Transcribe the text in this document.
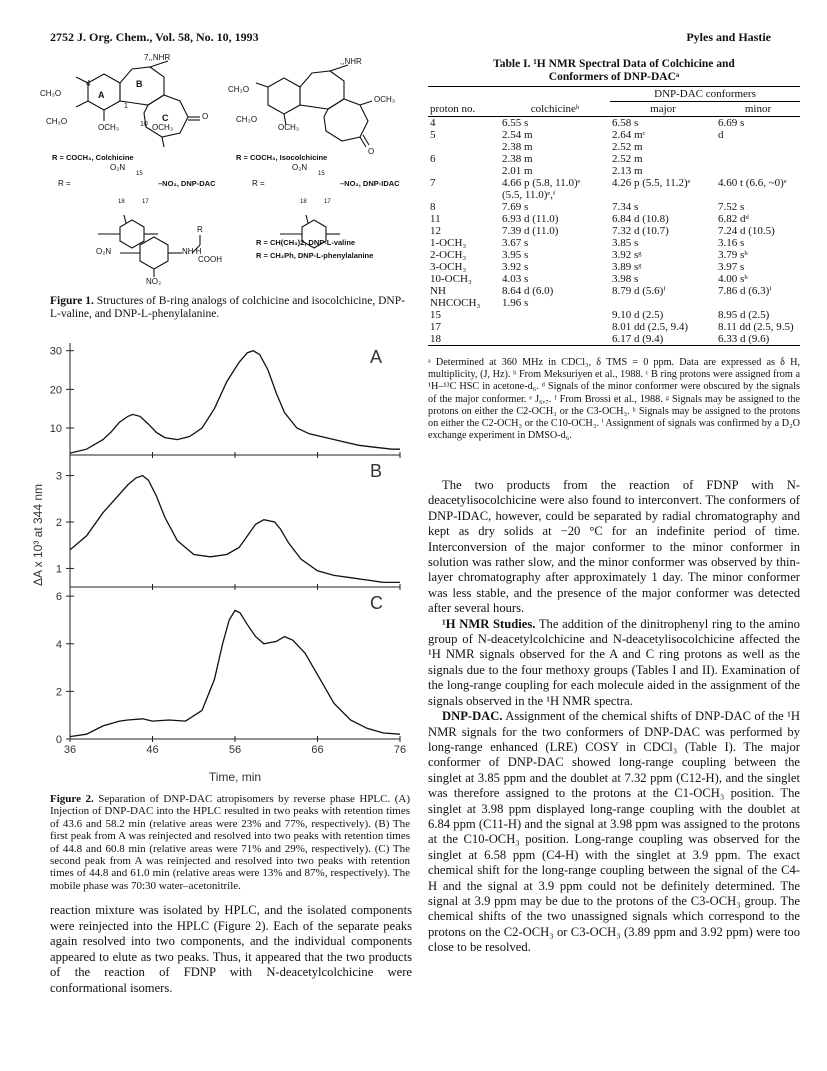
2752 J. Org. Chem., Vol. 58, No. 10, 1993	Pyles and Hastie
7,,NHR
4
CH₃O	A
B
C
1
O
CH₃O
OCH₃	10 OCH₃
,,NHR
CH₃O
OCH₃
CH₃O
OCH₃
O
R = COCH₃, Colchicine	R = COCH₃, Isocolchicine
O₂N
15
R =	–NO₂, DNP-DAC
18	17
O₂N
15
R =	–NO₂, DNP-IDAC
18	17
R
O₂N	NH H
COOH
R = CH(CH₃)2, DNP-L-valine
R = CH₂Ph, DNP-L-phenylalanine
NO₂
Figure 1. Structures of B-ring analogs of colchicine and isocolchicine, DNP-L-valine, and DNP-L-phenylalanine.
10
20
30	A
1
2
3	B
0
2
4
6	C
36	46	56	66	76
Time, min
ΔA x 10³ at 344 nm
Figure 2. Separation of DNP-DAC atropisomers by reverse phase HPLC. (A) Injection of DNP-DAC into the HPLC resulted in two peaks with retention times of 43.6 and 58.2 min (relative areas were 23% and 77%, respectively). (B) The first peak from A was reinjected and resolved into two peaks with retention times of 44.8 and 60.8 min (relative areas were 71% and 29%, respectively). (C) The second peak from A was reinjected and resolved into two peaks with retention times of 44.8 and 61.0 min (relative areas were 13% and 87%, respectively). The mobile phase was 70:30 water–acetonitrile.
reaction mixture was isolated by HPLC, and the isolated components were reinjected into the HPLC (Figure 2). Each of the separate peaks again resolved into two components, and the individual components appeared to elute as two peaks. Thus, it appeared that the two products of the reaction of FDNP with N-deacetylcolchicine were conformational isomers.
Table I. ¹H NMR Spectral Data of Colchicine and
Conformers of DNP-DACᵃ
		DNP-DAC conformers	
proton no.	colchicineᵇ	major	minor
4	6.55 s	6.58 s	6.69 s
5	2.54 m	2.64 mᶜ	d
	2.38 m	2.52 m	
6	2.38 m	2.52 m	
	2.01 m	2.13 m	
7	4.66 p (5.8, 11.0)ᵉ	4.26 p (5.5, 11.2)ᵉ	4.60 t (6.6, ~0)ᵉ
	(5.5, 11.0)ᵉ,ᶠ		
8	7.69 s	7.34 s	7.52 s
11	6.93 d (11.0)	6.84 d (10.8)	6.82 dᵈ
12	7.39 d (11.0)	7.32 d (10.7)	7.24 d (10.5)
1-OCH₃	3.67 s	3.85 s	3.16 s
2-OCH₃	3.95 s	3.92 sᵍ	3.79 sʰ
3-OCH₃	3.92 s	3.89 sᵍ	3.97 s
10-OCH₃	4.03 s	3.98 s	4.00 sʰ
NH	8.64 d (6.0)	8.79 d (5.6)ⁱ	7.86 d (6.3)ⁱ
NHCOCH₃	1.96 s		
15		9.10 d (2.5)	8.95 d (2.5)
17		8.01 dd (2.5, 9.4)	8.11 dd (2.5, 9.5)
18		6.17 d (9.4)	6.33 d (9.6)
ᵃ Determined at 360 MHz in CDCl₃, δ TMS = 0 ppm. Data are expressed as δ H, multiplicity, (J, Hz). ᵇ From Meksuriyen et al., 1988. ᶜ B ring protons were assigned from a ¹H–¹³C HSC in acetone-d₆. ᵈ Signals of the minor conformer were obscured by the signals of the major conformer. ᵉ J₆,₇. ᶠ From Brossi et al., 1988. ᵍ Signals may be assigned to the protons on either the C2-OCH₃ or the C3-OCH₃. ʰ Signals may be assigned to the protons on either the C2-OCH₃ or the C10-OCH₃. ⁱ Assignment of signals was confirmed by a D₂O exchange experiment in DMSO-d₆.

The two products from the reaction of FDNP with N-deacetylisocolchicine were also found to interconvert. The conformers of DNP-IDAC, however, could be separated by radial chromatography and kept as dry solids at −20 °C for an indefinite period of time. Interconversion of the major conformer to the minor conformer in solution was rather slow, and the minor conformer was observed by thin-layer chromatography after approximately 1 day. The minor conformer was less stable, and the presence of the major conformer was detected after several hours.

¹H NMR Studies. The addition of the dinitrophenyl ring to the amino group of N-deacetylcolchicine and N-deacetylisocolchicine affected the ¹H NMR signals observed for the A and C ring protons as well as the signals due to the four methoxy groups (Tables I and II). Examination of the long-range coupling for each molecule aided in the assignment of the signals observed in the ¹H NMR spectra.

DNP-DAC. Assignment of the chemical shifts of DNP-DAC of the ¹H NMR signals for the two conformers of DNP-DAC was performed by long-range enhanced (LRE) COSY in CDCl₃ (Table I). The major conformer of DNP-DAC showed long-range coupling between the singlet at 3.85 ppm and the doublet at 7.32 ppm (C12-H), and the singlet was therefore assigned to the protons at the C1-OCH₃ position. The singlet at 3.98 ppm displayed long-range coupling with the doublet at 6.84 ppm (C11-H) and the signal at 3.98 ppm was assigned to the protons at the C10-OCH₃ position. Long-range coupling was observed for the singlet at 6.58 ppm (C4-H) with the singlet at 3.9 ppm. The exact chemical shift for the long-range coupling between the signal of the C4-H and the signal at 3.9 ppm could not be definitely determined. The signal at 3.9 ppm may be due to the protons of the C3-OCH₃ group. The chemical shifts of the two unassigned signals which correspond to the protons on the C2-OCH₃ or C3-OCH₃ (3.89 ppm and 3.92 ppm) were too close to be resolved.
